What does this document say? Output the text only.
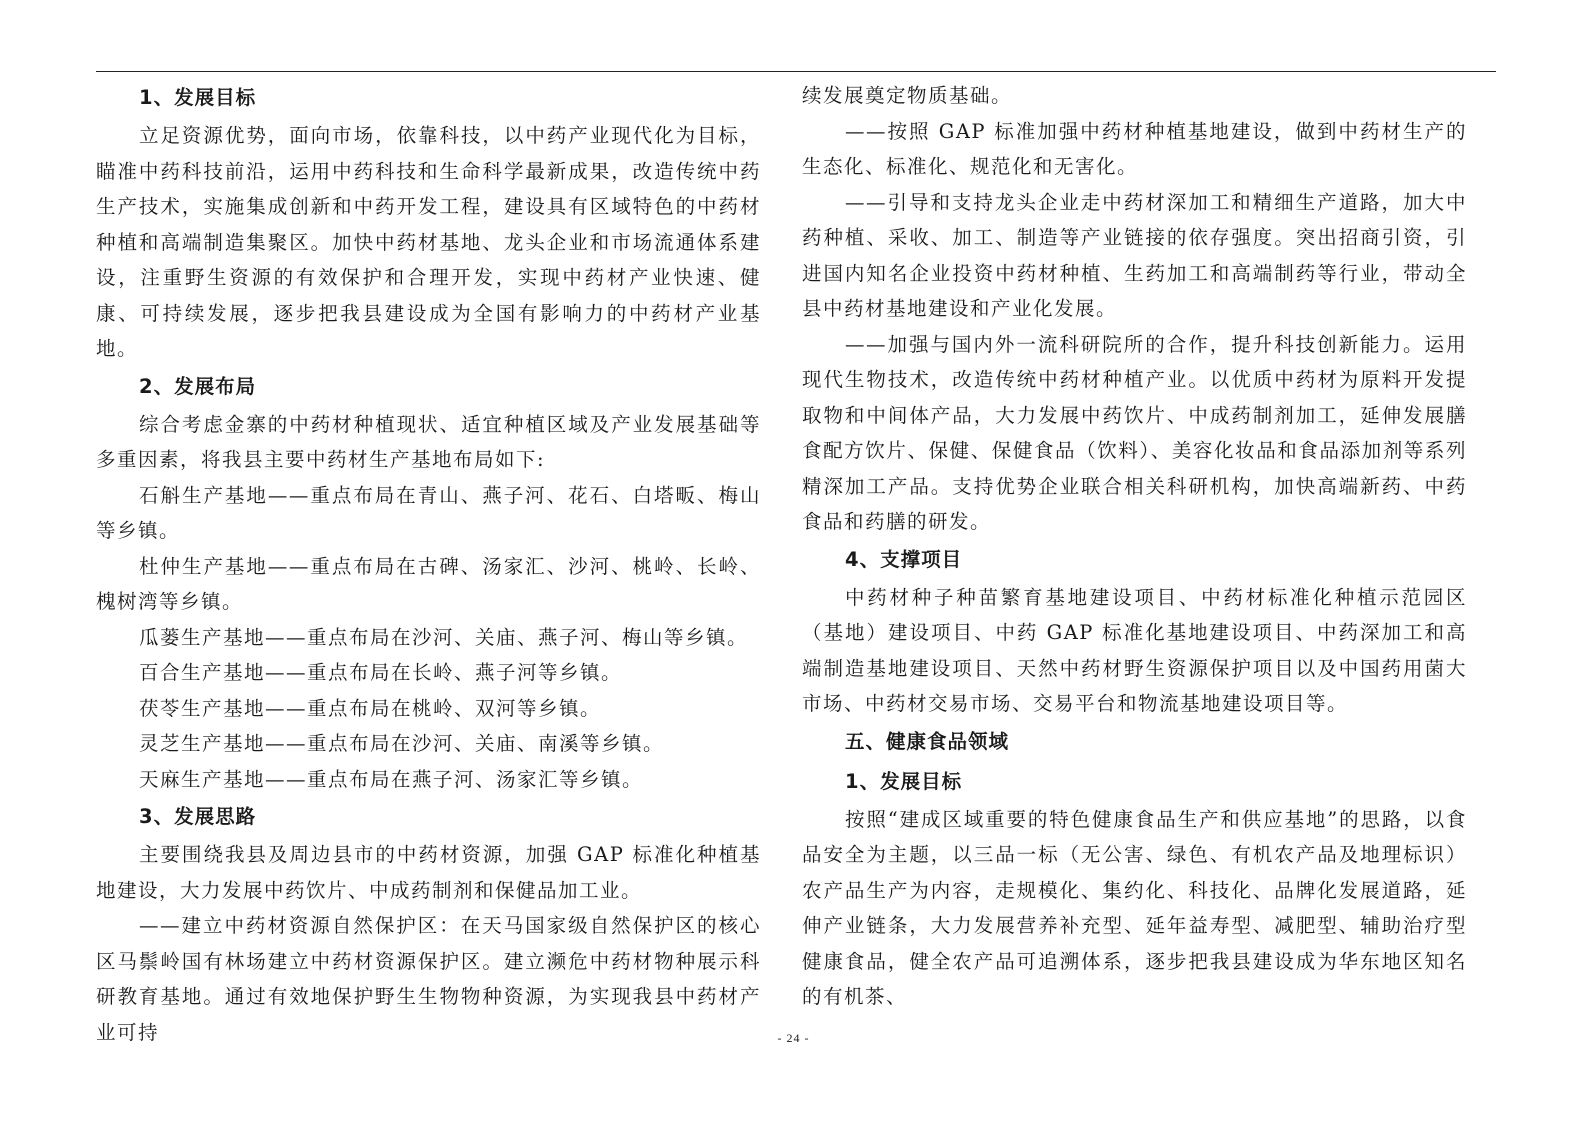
1、发展目标

立足资源优势，面向市场，依靠科技，以中药产业现代化为目标，瞄准中药科技前沿，运用中药科技和生命科学最新成果，改造传统中药生产技术，实施集成创新和中药开发工程，建设具有区域特色的中药材种植和高端制造集聚区。加快中药材基地、龙头企业和市场流通体系建设，注重野生资源的有效保护和合理开发，实现中药材产业快速、健康、可持续发展，逐步把我县建设成为全国有影响力的中药材产业基地。

2、发展布局

综合考虑金寨的中药材种植现状、适宜种植区域及产业发展基础等多重因素，将我县主要中药材生产基地布局如下:

石斛生产基地——重点布局在青山、燕子河、花石、白塔畈、梅山等乡镇。

杜仲生产基地——重点布局在古碑、汤家汇、沙河、桃岭、长岭、槐树湾等乡镇。

瓜蒌生产基地——重点布局在沙河、关庙、燕子河、梅山等乡镇。

百合生产基地——重点布局在长岭、燕子河等乡镇。

茯苓生产基地——重点布局在桃岭、双河等乡镇。

灵芝生产基地——重点布局在沙河、关庙、南溪等乡镇。

天麻生产基地——重点布局在燕子河、汤家汇等乡镇。

3、发展思路

主要围绕我县及周边县市的中药材资源，加强 GAP 标准化种植基地建设，大力发展中药饮片、中成药制剂和保健品加工业。

——建立中药材资源自然保护区：在天马国家级自然保护区的核心区马鬃岭国有林场建立中药材资源保护区。建立濒危中药材物种展示科研教育基地。通过有效地保护野生生物物种资源，为实现我县中药材产业可持

续发展奠定物质基础。

——按照 GAP 标准加强中药材种植基地建设，做到中药材生产的生态化、标准化、规范化和无害化。

——引导和支持龙头企业走中药材深加工和精细生产道路，加大中药种植、采收、加工、制造等产业链接的依存强度。突出招商引资，引进国内知名企业投资中药材种植、生药加工和高端制药等行业，带动全县中药材基地建设和产业化发展。

——加强与国内外一流科研院所的合作，提升科技创新能力。运用现代生物技术，改造传统中药材种植产业。以优质中药材为原料开发提取物和中间体产品，大力发展中药饮片、中成药制剂加工，延伸发展膳食配方饮片、保健、保健食品（饮料）、美容化妆品和食品添加剂等系列精深加工产品。支持优势企业联合相关科研机构，加快高端新药、中药食品和药膳的研发。

4、支撑项目

中药材种子种苗繁育基地建设项目、中药材标准化种植示范园区（基地）建设项目、中药 GAP 标准化基地建设项目、中药深加工和高端制造基地建设项目、天然中药材野生资源保护项目以及中国药用菌大市场、中药材交易市场、交易平台和物流基地建设项目等。

五、健康食品领域
1、发展目标

按照“建成区域重要的特色健康食品生产和供应基地”的思路，以食品安全为主题，以三品一标（无公害、绿色、有机农产品及地理标识）农产品生产为内容，走规模化、集约化、科技化、品牌化发展道路，延伸产业链条，大力发展营养补充型、延年益寿型、减肥型、辅助治疗型健康食品，健全农产品可追溯体系，逐步把我县建设成为华东地区知名的有机茶、

- 24 -
